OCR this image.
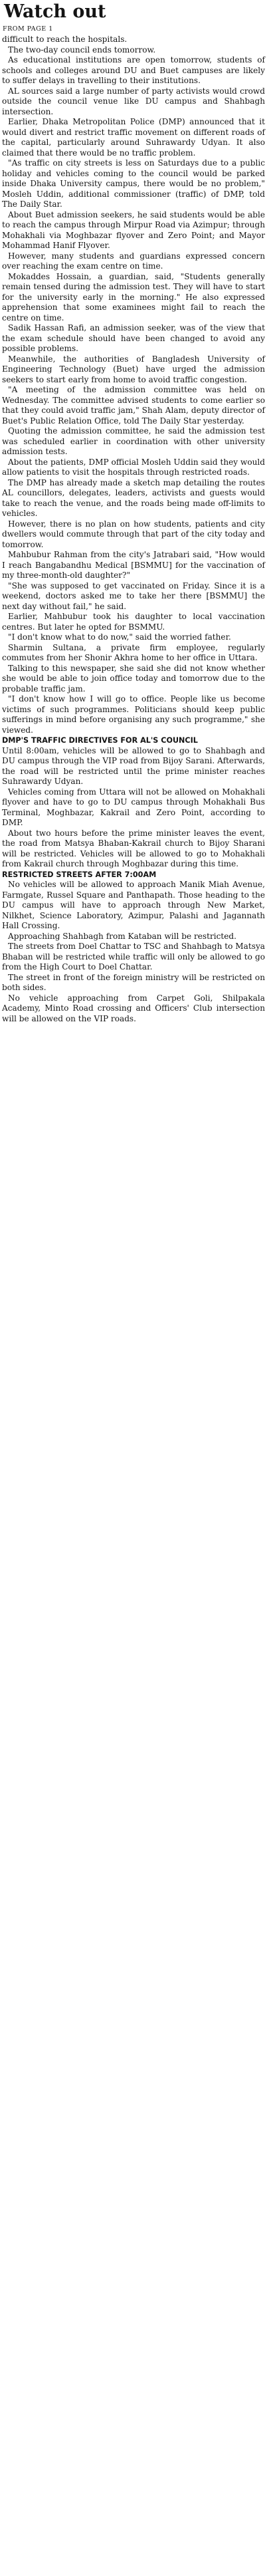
Watch out
FROM PAGE 1

difficult to reach the hospitals.

The two-day council ends tomorrow.

As educational institutions are open tomorrow, students of schools and colleges around DU and Buet campuses are likely to suffer delays in travelling to their institutions.

AL sources said a large number of party activists would crowd outside the council venue like DU campus and Shahbagh intersection.

Earlier, Dhaka Metropolitan Police (DMP) announced that it would divert and restrict traffic movement on different roads of the capital, particularly around Suhrawardy Udyan. It also claimed that there would be no traffic problem.

"As traffic on city streets is less on Saturdays due to a public holiday and vehicles coming to the council would be parked inside Dhaka University campus, there would be no problem," Mosleh Uddin, additional commissioner (traffic) of DMP, told The Daily Star.

About Buet admission seekers, he said students would be able to reach the campus through Mirpur Road via Azimpur; through Mohakhali via Moghbazar flyover and Zero Point; and Mayor Mohammad Hanif Flyover.

However, many students and guardians expressed concern over reaching the exam centre on time.

Mokaddes Hossain, a guardian, said, "Students generally remain tensed during the admission test. They will have to start for the university early in the morning." He also expressed apprehension that some examinees might fail to reach the centre on time.

Sadik Hassan Rafi, an admission seeker, was of the view that the exam schedule should have been changed to avoid any possible problems.

Meanwhile, the authorities of Bangladesh University of Engineering Technology (Buet) have urged the admission seekers to start early from home to avoid traffic congestion.

"A meeting of the admission committee was held on Wednesday. The committee advised students to come earlier so that they could avoid traffic jam," Shah Alam, deputy director of Buet's Public Relation Office, told The Daily Star yesterday.

Quoting the admission committee, he said the admission test was scheduled earlier in coordination with other university admission tests.

About the patients, DMP official Mosleh Uddin said they would allow patients to visit the hospitals through restricted roads.

The DMP has already made a sketch map detailing the routes AL councillors, delegates, leaders, activists and guests would take to reach the venue, and the roads being made off-limits to vehicles.

However, there is no plan on how students, patients and city dwellers would commute through that part of the city today and tomorrow.

Mahbubur Rahman from the city's Jatrabari said, "How would I reach Bangabandhu Medical [BSMMU] for the vaccination of my three-month-old daughter?"

"She was supposed to get vaccinated on Friday. Since it is a weekend, doctors asked me to take her there [BSMMU] the next day without fail," he said.

Earlier, Mahbubur took his daughter to local vaccination centres. But later he opted for BSMMU.

"I don't know what to do now," said the worried father.

Sharmin Sultana, a private firm employee, regularly commutes from her Shonir Akhra home to her office in Uttara.

Talking to this newspaper, she said she did not know whether she would be able to join office today and tomorrow due to the probable traffic jam.

"I don't know how I will go to office. People like us become victims of such programmes. Politicians should keep public sufferings in mind before organising any such programme," she viewed.

DMP'S TRAFFIC DIRECTIVES FOR AL'S COUNCIL

Until 8:00am, vehicles will be allowed to go to Shahbagh and DU campus through the VIP road from Bijoy Sarani. Afterwards, the road will be restricted until the prime minister reaches Suhrawardy Udyan.

Vehicles coming from Uttara will not be allowed on Mohakhali flyover and have to go to DU campus through Mohakhali Bus Terminal, Moghbazar, Kakrail and Zero Point, according to DMP.

About two hours before the prime minister leaves the event, the road from Matsya Bhaban-Kakrail church to Bijoy Sharani will be restricted. Vehicles will be allowed to go to Mohakhali from Kakrail church through Moghbazar during this time.

RESTRICTED STREETS AFTER 7:00AM

No vehicles will be allowed to approach Manik Miah Avenue, Farmgate, Russel Square and Panthapath. Those heading to the DU campus will have to approach through New Market, Nilkhet, Science Laboratory, Azimpur, Palashi and Jagannath Hall Crossing.

Approaching Shahbagh from Kataban will be restricted.

The streets from Doel Chattar to TSC and Shahbagh to Matsya Bhaban will be restricted while traffic will only be allowed to go from the High Court to Doel Chattar.

The street in front of the foreign ministry will be restricted on both sides.

No vehicle approaching from Carpet Goli, Shilpakala Academy, Minto Road crossing and Officers' Club intersection will be allowed on the VIP roads.
